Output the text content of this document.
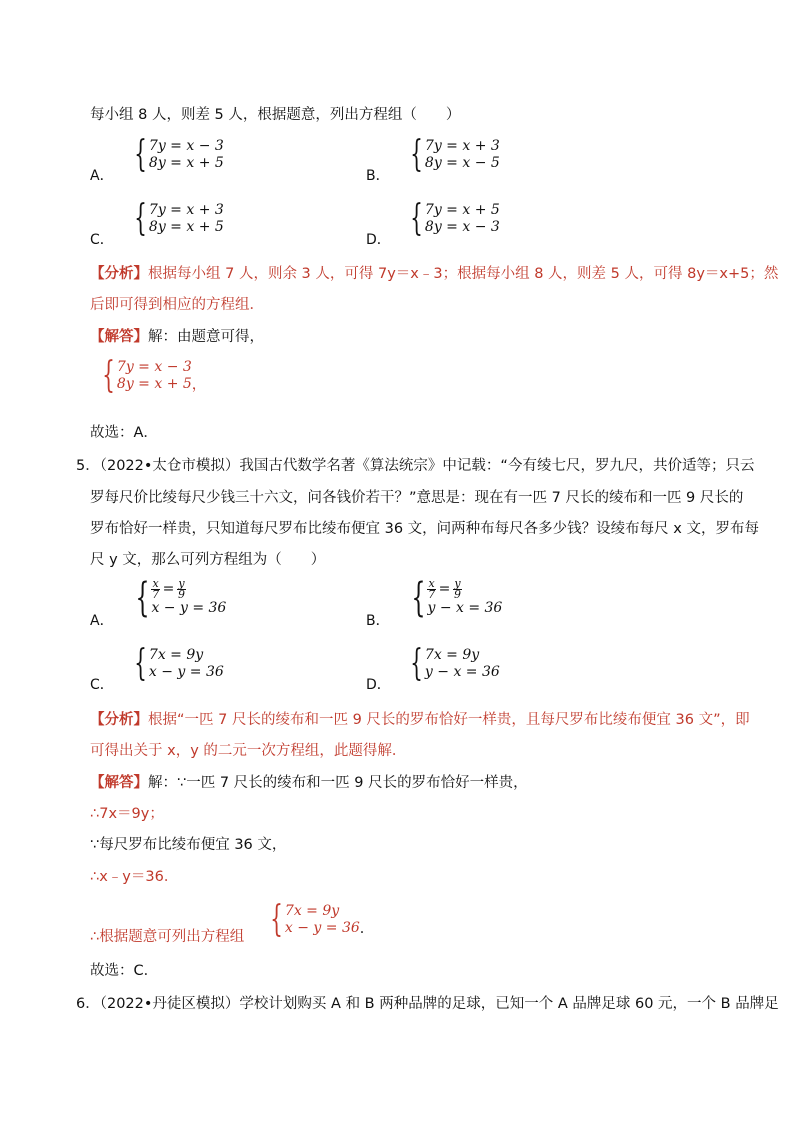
每小组 8 人，则差 5 人，根据题意，列出方程组（　　）
A．
{ 7y = x − 3
8y = x + 5
B．
{ 7y = x + 3
8y = x − 5
C．
{ 7y = x + 3
8y = x + 5
D．
{ 7y = x + 5
8y = x − 3
【分析】根据每小组 7 人，则余 3 人，可得 7y＝x﹣3；根据每小组 8 人，则差 5 人，可得 8y＝x+5；然
后即可得到相应的方程组．
【解答】解：由题意可得，
{ 7y = x − 3
8y = x + 5 ，
故选：A．
5．（2022•太仓市模拟）我国古代数学名著《算法统宗》中记载：“今有绫七尺，罗九尺，共价适等；只云
罗每尺价比绫每尺少钱三十六文，问各钱价若干？”意思是：现在有一匹 7 尺长的绫布和一匹 9 尺长的
罗布恰好一样贵，只知道每尺罗布比绫布便宜 36 文，问两种布每尺各多少钱？设绫布每尺 x 文，罗布每
尺 y 文，那么可列方程组为（　　）
A． { $\frac{x}{7} = \frac{y}{9}$
x − y = 36
B． { $\frac{x}{7} = \frac{y}{9}$
y − x = 36
C．
{ 7x = 9y
x − y = 36
D．
{ 7x = 9y
y − x = 36
【分析】根据“一匹 7 尺长的绫布和一匹 9 尺长的罗布恰好一样贵，且每尺罗布比绫布便宜 36 文”，即
可得出关于 x，y 的二元一次方程组，此题得解．
【解答】解：∵一匹 7 尺长的绫布和一匹 9 尺长的罗布恰好一样贵，
∴7x＝9y；
∵每尺罗布比绫布便宜 36 文，
∴x﹣y＝36．
∴根据题意可列出方程组 { 7x = 9y
x − y = 36 ．
故选：C．
6．（2022•丹徒区模拟）学校计划购买 A 和 B 两种品牌的足球，已知一个 A 品牌足球 60 元，一个 B 品牌足
